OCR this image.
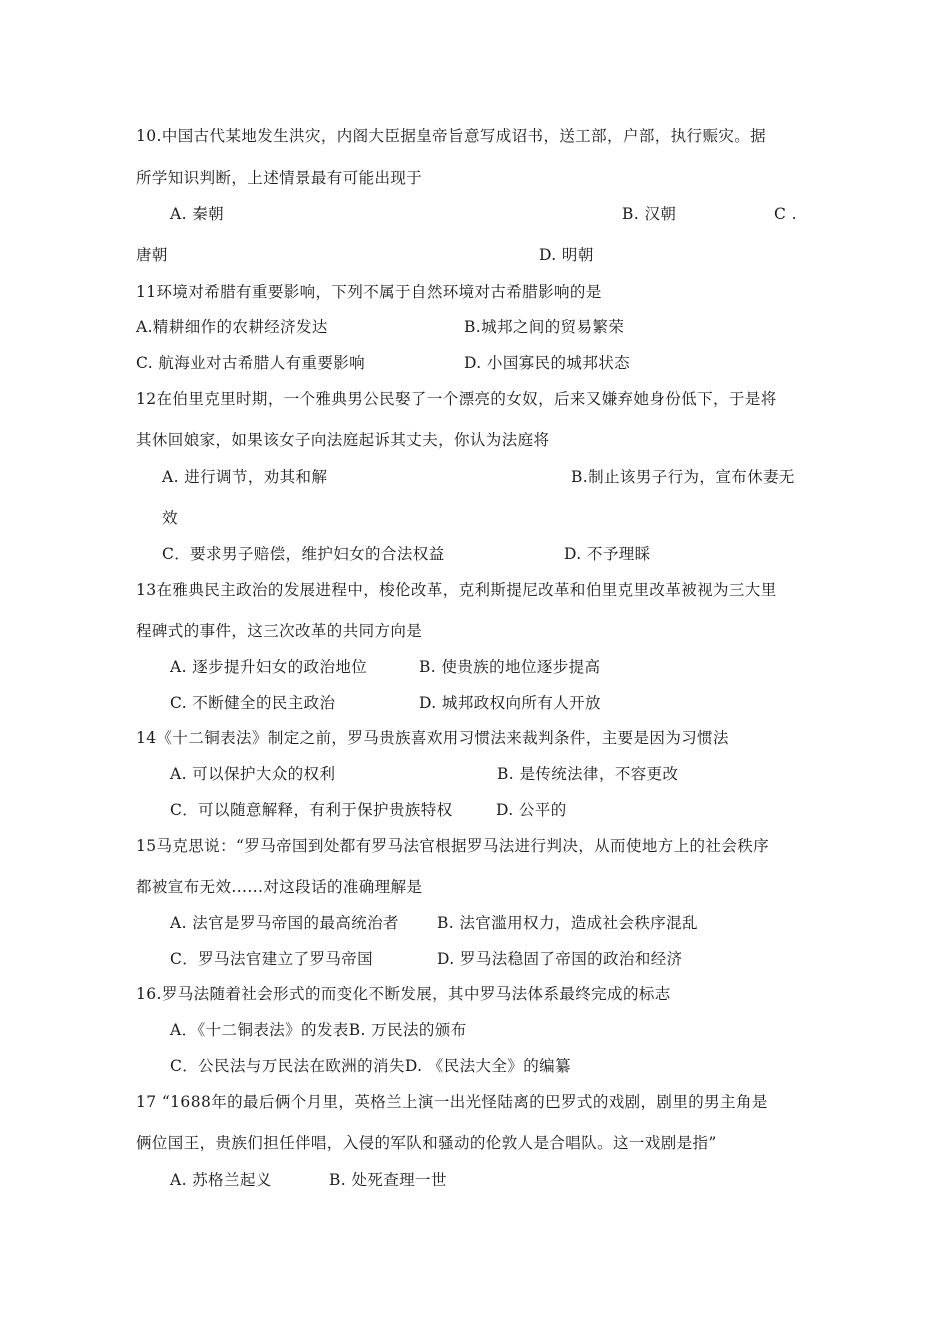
10.中国古代某地发生洪灾，内阁大臣据皇帝旨意写成诏书，送工部，户部，执行赈灾。据
所学知识判断，上述情景最有可能出现于
A. 秦朝	B. 汉朝	C .
唐朝	D. 明朝
11环境对希腊有重要影响，下列不属于自然环境对古希腊影响的是
A.精耕细作的农耕经济发达	B.城邦之间的贸易繁荣
C. 航海业对古希腊人有重要影响	D. 小国寡民的城邦状态
12在伯里克里时期，一个雅典男公民娶了一个漂亮的女奴，后来又嫌弃她身份低下，于是将
其休回娘家，如果该女子向法庭起诉其丈夫，你认为法庭将
A. 进行调节，劝其和解	B.制止该男子行为，宣布休妻无
效
C．要求男子赔偿，维护妇女的合法权益	D. 不予理睬
13在雅典民主政治的发展进程中，梭伦改革，克利斯提尼改革和伯里克里改革被视为三大里
程碑式的事件，这三次改革的共同方向是
A. 逐步提升妇女的政治地位	B. 使贵族的地位逐步提高
C. 不断健全的民主政治	D. 城邦政权向所有人开放
14《十二铜表法》制定之前，罗马贵族喜欢用习惯法来裁判条件，主要是因为习惯法
A. 可以保护大众的权利	B. 是传统法律，不容更改
C．可以随意解释，有利于保护贵族特权	D. 公平的
15马克思说：“罗马帝国到处都有罗马法官根据罗马法进行判决，从而使地方上的社会秩序
都被宣布无效......对这段话的准确理解是
A. 法官是罗马帝国的最高统治者 B. 法官滥用权力，造成社会秩序混乱
C．罗马法官建立了罗马帝国	D. 罗马法稳固了帝国的政治和经济
16.罗马法随着社会形式的而变化不断发展，其中罗马法体系最终完成的标志
A．《十二铜表法》的发表B. 万民法的颁布
C．公民法与万民法在欧洲的消失D. 《民法大全》的编纂
17 “1688年的最后俩个月里，英格兰上演一出光怪陆离的巴罗式的戏剧，剧里的男主角是
俩位国王，贵族们担任伴唱，入侵的军队和骚动的伦敦人是合唱队。这一戏剧是指”
A. 苏格兰起义	B. 处死查理一世
